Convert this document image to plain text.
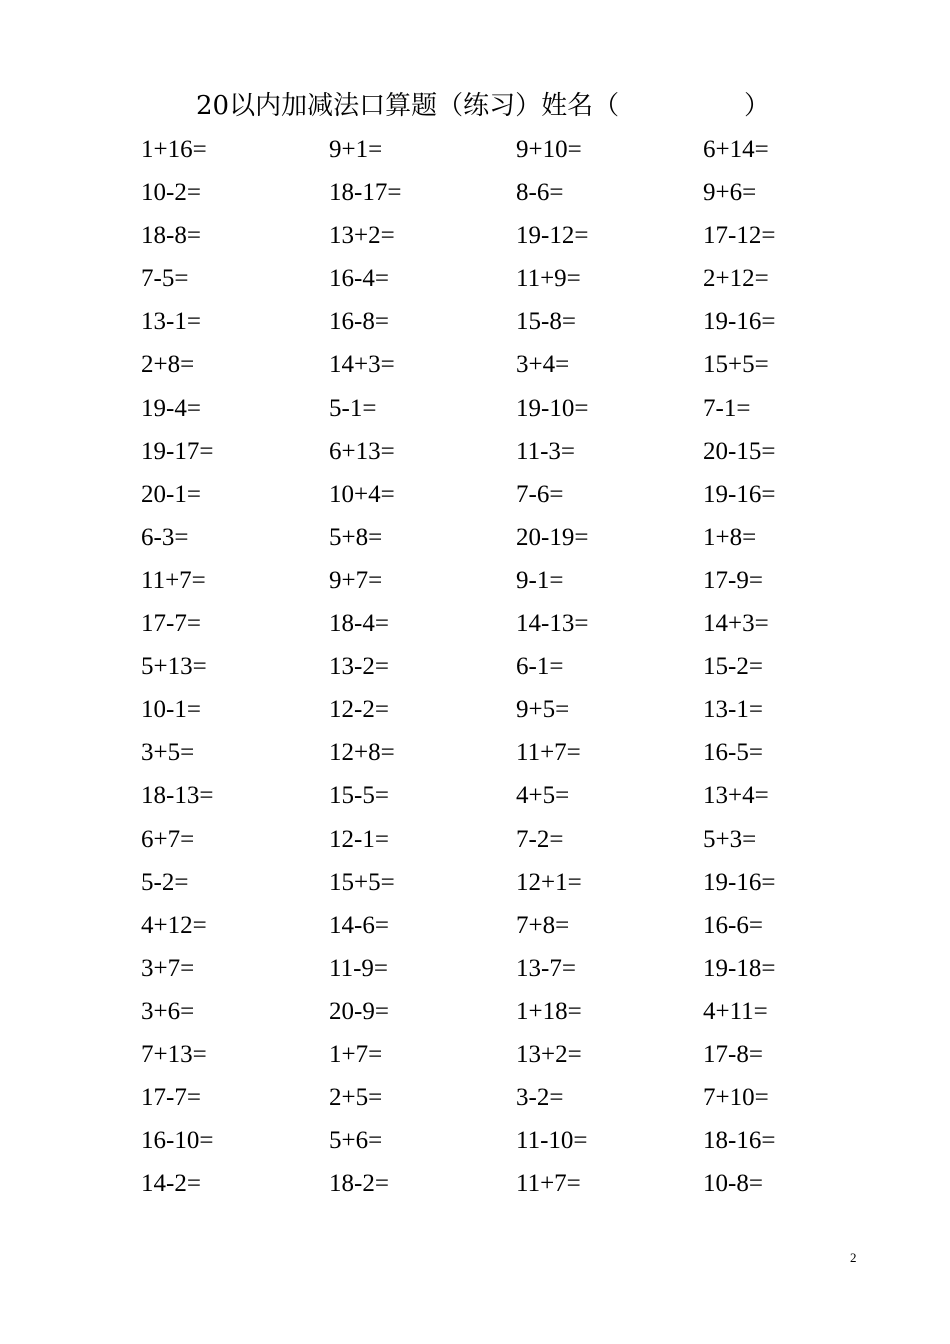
20以内加减法口算题（练习）姓名（	）
1+16=	9+1=	9+10=	6+14=
10-2=	18-17=	8-6=	9+6=
18-8=	13+2=	19-12=	17-12=
7-5=	16-4=	11+9=	2+12=
13-1=	16-8=	15-8=	19-16=
2+8=	14+3=	3+4=	15+5=
19-4=	5-1=	19-10=	7-1=
19-17=	6+13=	11-3=	20-15=
20-1=	10+4=	7-6=	19-16=
6-3=	5+8=	20-19=	1+8=
11+7=	9+7=	9-1=	17-9=
17-7=	18-4=	14-13=	14+3=
5+13=	13-2=	6-1=	15-2=
10-1=	12-2=	9+5=	13-1=
3+5=	12+8=	11+7=	16-5=
18-13=	15-5=	4+5=	13+4=
6+7=	12-1=	7-2=	5+3=
5-2=	15+5=	12+1=	19-16=
4+12=	14-6=	7+8=	16-6=
3+7=	11-9=	13-7=	19-18=
3+6=	20-9=	1+18=	4+11=
7+13=	1+7=	13+2=	17-8=
17-7=	2+5=	3-2=	7+10=
16-10=	5+6=	11-10=	18-16=
14-2=	18-2=	11+7=	10-8=
2
